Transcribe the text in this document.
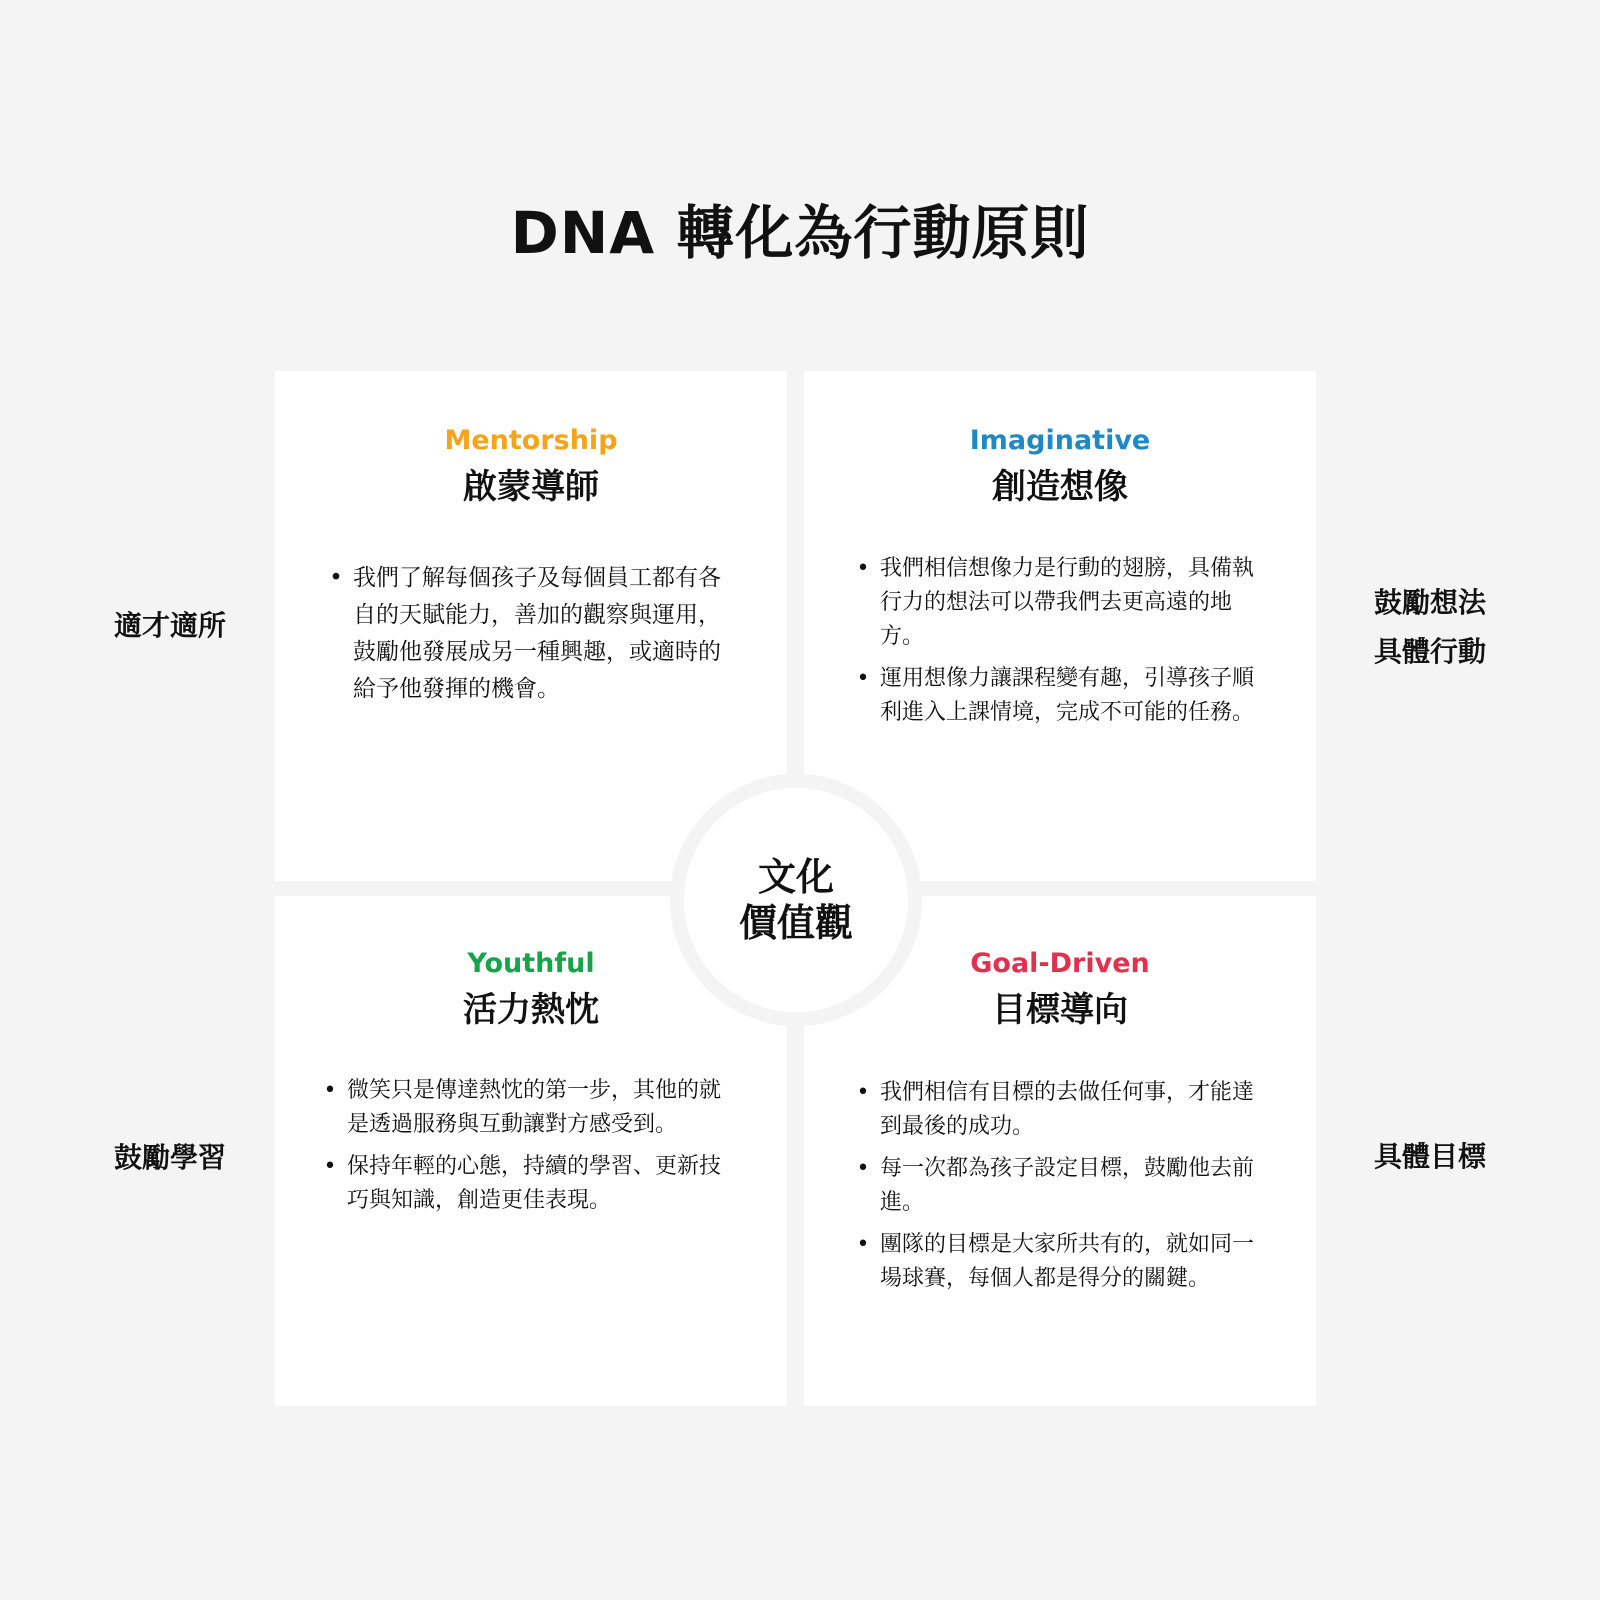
DNA 轉化為行動原則
適才適所
鼓勵學習
鼓勵想法
具體行動
具體目標
Mentorship
啟蒙導師
• 我們了解每個孩子及每個員工都有各自的天賦能力，善加的觀察與運用，鼓勵他發展成另一種興趣，或適時的給予他發揮的機會。
Imaginative
創造想像
• 我們相信想像力是行動的翅膀，具備執行力的想法可以帶我們去更高遠的地方。
• 運用想像力讓課程變有趣，引導孩子順利進入上課情境，完成不可能的任務。
Youthful
活力熱忱
• 微笑只是傳達熱忱的第一步，其他的就是透過服務與互動讓對方感受到。
• 保持年輕的心態，持續的學習、更新技巧與知識，創造更佳表現。
Goal-Driven
目標導向
• 我們相信有目標的去做任何事，才能達到最後的成功。
• 每一次都為孩子設定目標，鼓勵他去前進。
• 團隊的目標是大家所共有的，就如同一場球賽，每個人都是得分的關鍵。
文化
價值觀
